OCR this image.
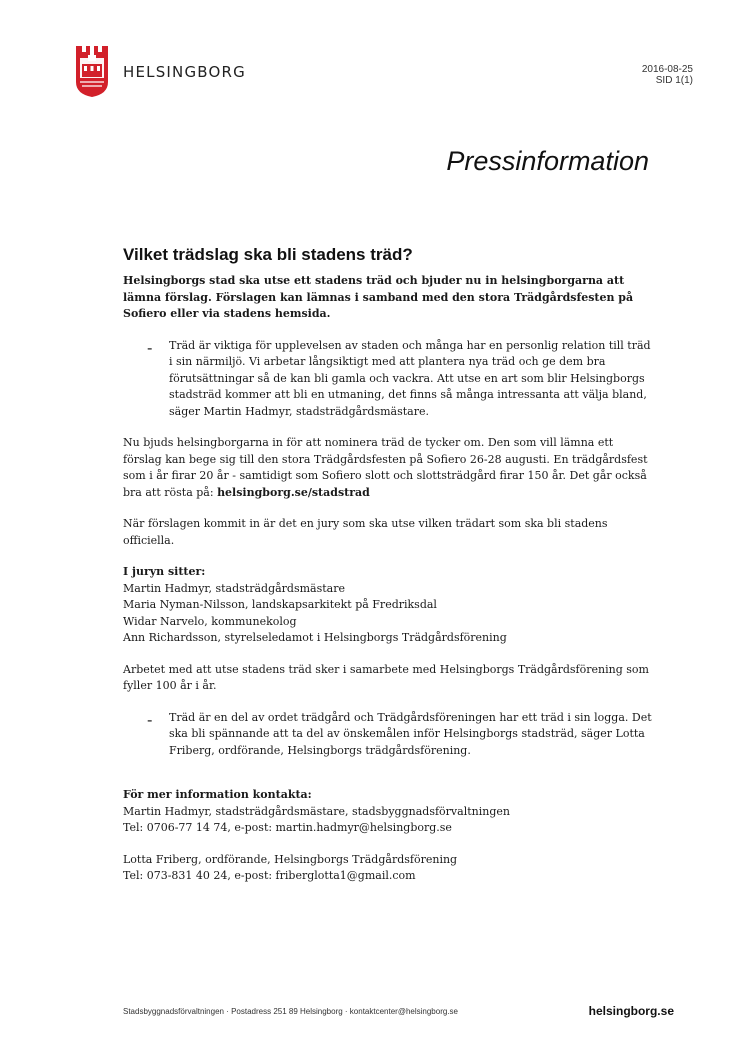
HELSINGBORG	2016-08-25
SID 1(1)
Pressinformation
Vilket trädslag ska bli stadens träd?

Helsingborgs stad ska utse ett stadens träd och bjuder nu in helsingborgarna att lämna förslag. Förslagen kan lämnas i samband med den stora Trädgårdsfesten på Sofiero eller via stadens hemsida.

- Träd är viktiga för upplevelsen av staden och många har en personlig relation till träd i sin närmiljö. Vi arbetar långsiktigt med att plantera nya träd och ge dem bra förutsättningar så de kan bli gamla och vackra. Att utse en art som blir Helsingborgs stadsträd kommer att bli en utmaning, det finns så många intressanta att välja bland, säger Martin Hadmyr, stadsträdgårdsmästare.

Nu bjuds helsingborgarna in för att nominera träd de tycker om. Den som vill lämna ett förslag kan bege sig till den stora Trädgårdsfesten på Sofiero 26-28 augusti. En trädgårdsfest som i år firar 20 år - samtidigt som Sofiero slott och slottsträdgård firar 150 år. Det går också bra att rösta på: helsingborg.se/stadstrad

När förslagen kommit in är det en jury som ska utse vilken trädart som ska bli stadens officiella.

I juryn sitter:

Martin Hadmyr, stadsträdgårdsmästare

Maria Nyman-Nilsson, landskapsarkitekt på Fredriksdal

Widar Narvelo, kommunekolog

Ann Richardsson, styrelseledamot i Helsingborgs Trädgårdsförening

Arbetet med att utse stadens träd sker i samarbete med Helsingborgs Trädgårdsförening som fyller 100 år i år.

- Träd är en del av ordet trädgård och Trädgårdsföreningen har ett träd i sin logga. Det ska bli spännande att ta del av önskemålen inför Helsingborgs stadsträd, säger Lotta Friberg, ordförande, Helsingborgs trädgårdsförening.

För mer information kontakta:

Martin Hadmyr, stadsträdgårdsmästare, stadsbyggnadsförvaltningen

Tel: 0706-77 14 74, e-post: martin.hadmyr@helsingborg.se

Lotta Friberg, ordförande, Helsingborgs Trädgårdsförening

Tel: 073-831 40 24, e-post: friberglotta1@gmail.com

Stadsbyggnadsförvaltningen · Postadress 251 89 Helsingborg · kontaktcenter@helsingborg.se	helsingborg.se
